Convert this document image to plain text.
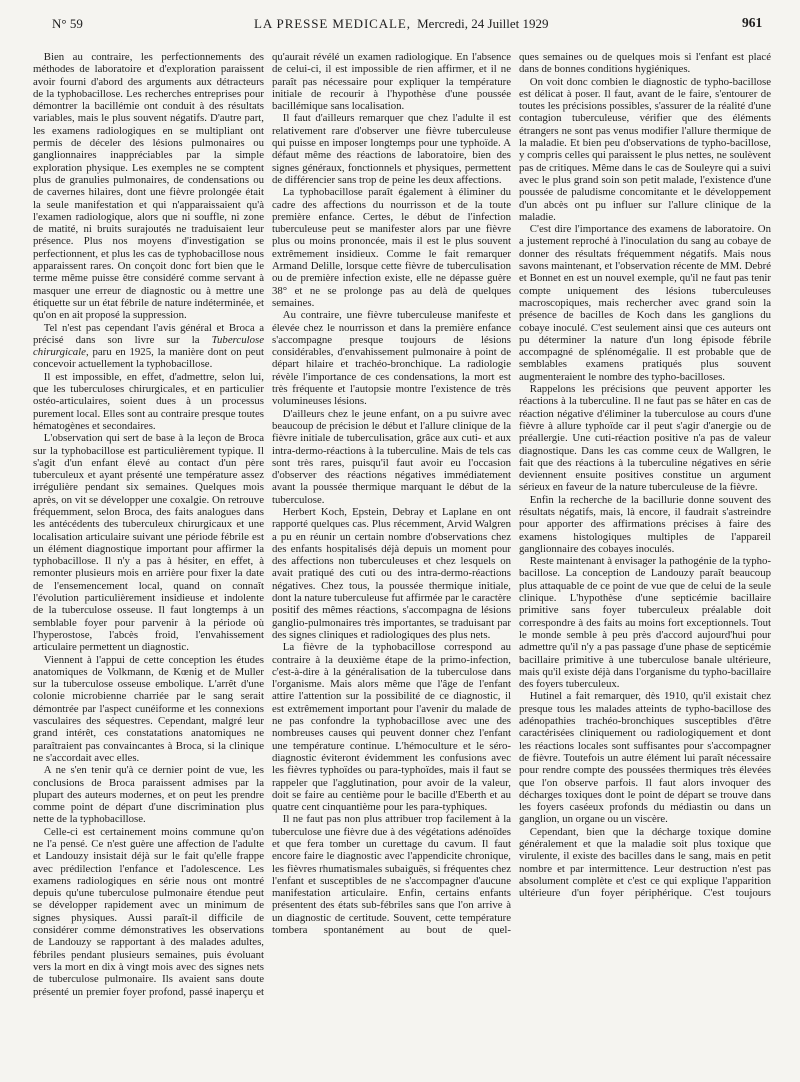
N° 59	LA PRESSE MEDICALE, Mercredi, 24 Juillet 1929	961

Bien au contraire, les perfectionnements des méthodes de laboratoire et d'exploration paraissent avoir fourni d'abord des arguments aux détracteurs de la typhobacillose. Les recherches entreprises pour démontrer la bacillémie ont conduit à des résultats variables, mais le plus souvent négatifs. D'autre part, les examens radiologiques en se multipliant ont permis de déceler des lésions pulmonaires ou ganglionnaires inappréciables par la simple exploration physique. Les exemples ne se comptent plus de granulies pulmonaires, de condensations ou de cavernes hilaires, dont une fièvre prolongée était la seule manifestation et qui n'apparaissaient qu'à l'examen radiologique, alors que ni souffle, ni zone de matité, ni bruits surajoutés ne traduisaient leur présence. Plus nos moyens d'investigation se perfectionnent, et plus les cas de typhobacillose nous apparaissent rares. On conçoit donc fort bien que le terme même puisse être considéré comme servant à masquer une erreur de diagnostic ou à mettre une étiquette sur un état fébrile de nature indéterminée, et qu'on en ait proposé la suppression.

Tel n'est pas cependant l'avis général et Broca a précisé dans son livre sur la Tuberculose chirurgicale, paru en 1925, la manière dont on peut concevoir actuellement la typhobacillose.

Il est impossible, en effet, d'admettre, selon lui, que les tuberculoses chirurgicales, et en particulier ostéo-articulaires, soient dues à un processus purement local. Elles sont au contraire presque toutes hématogènes et secondaires.

L'observation qui sert de base à la leçon de Broca sur la typhobacillose est particulièrement typique. Il s'agit d'un enfant élevé au contact d'un père tuberculeux et ayant présenté une température assez irrégulière pendant six semaines. Quelques mois après, on vit se développer une coxalgie. On retrouve fréquemment, selon Broca, des faits analogues dans les antécédents des tuberculeux chirurgicaux et une localisation articulaire suivant une période fébrile est un élément diagnostique important pour affirmer la typhobacillose. Il n'y a pas à hésiter, en effet, à remonter plusieurs mois en arrière pour fixer la date de l'ensemencement local, quand on connaît l'évolution particulièrement insidieuse et indolente de la tuberculose osseuse. Il faut longtemps à un semblable foyer pour parvenir à la période où l'hyperostose, l'abcès froid, l'envahissement articulaire permettent un diagnostic.

Viennent à l'appui de cette conception les études anatomiques de Volkmann, de Kœnig et de Muller sur la tuberculose osseuse embolique. L'arrêt d'une colonie microbienne charriée par le sang serait démontrée par l'aspect cunéiforme et les connexions vasculaires des séquestres. Cependant, malgré leur grand intérêt, ces constatations anatomiques ne paraîtraient pas convaincantes à Broca, si la clinique ne s'accordait avec elles.

A ne s'en tenir qu'à ce dernier point de vue, les conclusions de Broca paraissent admises par la plupart des auteurs modernes, et on peut les prendre comme point de départ d'une discrimination plus nette de la typhobacillose.

Celle-ci est certainement moins commune qu'on ne l'a pensé. Ce n'est guère une affection de l'adulte et Landouzy insistait déjà sur le fait qu'elle frappe avec prédilection l'enfance et l'adolescence. Les examens radiologiques en série nous ont montré depuis qu'une tuberculose pulmonaire étendue peut se développer rapidement avec un minimum de signes physiques. Aussi paraît-il difficile de considérer comme démonstratives les observations de Landouzy se rapportant à des malades adultes, fébriles pendant plusieurs semaines, puis évoluant vers la mort en dix à vingt mois avec des signes nets de tuberculose pulmonaire. Ils avaient sans doute présenté un premier foyer profond, passé inaperçu et

qu'aurait révélé un examen radiologique. En l'absence de celui-ci, il est impossible de rien affirmer, et il ne paraît pas nécessaire pour expliquer la température initiale de recourir à l'hypothèse d'une poussée bacillémique sans localisation.

Il faut d'ailleurs remarquer que chez l'adulte il est relativement rare d'observer une fièvre tuberculeuse qui puisse en imposer longtemps pour une typhoïde. A défaut même des réactions de laboratoire, bien des signes généraux, fonctionnels et physiques, permettent de différencier sans trop de peine les deux affections.

La typhobacillose paraît également à éliminer du cadre des affections du nourrisson et de la toute première enfance. Certes, le début de l'infection tuberculeuse peut se manifester alors par une fièvre plus ou moins prononcée, mais il est le plus souvent extrêmement insidieux. Comme le fait remarquer Armand Delille, lorsque cette fièvre de tuberculisation ou de première infection existe, elle ne dépasse guère 38° et ne se prolonge pas au delà de quelques semaines.

Au contraire, une fièvre tuberculeuse manifeste et élevée chez le nourrisson et dans la première enfance s'accompagne presque toujours de lésions considérables, d'envahissement pulmonaire à point de départ hilaire et trachéo-bronchique. La radiologie révèle l'importance de ces condensations, la mort est très fréquente et l'autopsie montre l'existence de très volumineuses lésions.

D'ailleurs chez le jeune enfant, on a pu suivre avec beaucoup de précision le début et l'allure clinique de la fièvre initiale de tuberculisation, grâce aux cuti- et aux intra-dermo-réactions à la tuberculine. Mais de tels cas sont très rares, puisqu'il faut avoir eu l'occasion d'observer des réactions négatives immédiatement avant la poussée thermique marquant le début de la tuberculose.

Herbert Koch, Epstein, Debray et Laplane en ont rapporté quelques cas. Plus récemment, Arvid Walgren a pu en réunir un certain nombre d'observations chez des enfants hospitalisés déjà depuis un moment pour des affections non tuberculeuses et chez lesquels on avait pratiqué des cuti ou des intra-dermo-réactions négatives. Chez tous, la poussée thermique initiale, dont la nature tuberculeuse fut affirmée par le caractère positif des mêmes réactions, s'accompagna de lésions ganglio-pulmonaires très importantes, se traduisant par des signes cliniques et radiologiques des plus nets.

La fièvre de la typhobacillose correspond au contraire à la deuxième étape de la primo-infection, c'est-à-dire à la généralisation de la tuberculose dans l'organisme. Mais alors même que l'âge de l'enfant attire l'attention sur la possibilité de ce diagnostic, il est extrêmement important pour l'avenir du malade de ne pas confondre la typhobacillose avec une des nombreuses causes qui peuvent donner chez l'enfant une température continue. L'hémoculture et le séro-diagnostic éviteront évidemment les confusions avec les fièvres typhoïdes ou para-typhoïdes, mais il faut se rappeler que l'agglutination, pour avoir de la valeur, doit se faire au centième pour le bacille d'Eberth et au quatre cent cinquantième pour les para-typhiques.

Il ne faut pas non plus attribuer trop facilement à la tuberculose une fièvre due à des végétations adénoïdes et que fera tomber un curettage du cavum. Il faut encore faire le diagnostic avec l'appendicite chronique, les fièvres rhumatismales subaiguës, si fréquentes chez l'enfant et susceptibles de ne s'accompagner d'aucune manifestation articulaire. Enfin, certains enfants présentent des états sub-fébriles sans que l'on arrive à un diagnostic de certitude. Souvent, cette température tombera spontanément au bout de quel-

ques semaines ou de quelques mois si l'enfant est placé dans de bonnes conditions hygiéniques.

On voit donc combien le diagnostic de typho-bacillose est délicat à poser. Il faut, avant de le faire, s'entourer de toutes les précisions possibles, s'assurer de la réalité d'une contagion tuberculeuse, vérifier que des éléments étrangers ne sont pas venus modifier l'allure thermique de la maladie. Et bien peu d'observations de typho-bacillose, y compris celles qui paraissent le plus nettes, ne soulèvent pas de critiques. Même dans le cas de Souleyre qui a suivi avec le plus grand soin son petit malade, l'existence d'une poussée de paludisme concomitante et le développement d'un abcès ont pu influer sur l'allure clinique de la maladie.

C'est dire l'importance des examens de laboratoire. On a justement reproché à l'inoculation du sang au cobaye de donner des résultats fréquemment négatifs. Mais nous savons maintenant, et l'observation récente de MM. Debré et Bonnet en est un nouvel exemple, qu'il ne faut pas tenir compte uniquement des lésions tuberculeuses macroscopiques, mais rechercher avec grand soin la présence de bacilles de Koch dans les ganglions du cobaye inoculé. C'est seulement ainsi que ces auteurs ont pu déterminer la nature d'un long épisode fébrile accompagné de splénomégalie. Il est probable que de semblables examens pratiqués plus souvent augmenteraient le nombre des typho-bacilloses.

Rappelons les précisions que peuvent apporter les réactions à la tuberculine. Il ne faut pas se hâter en cas de réaction négative d'éliminer la tuberculose au cours d'une fièvre à allure typhoïde car il peut s'agir d'anergie ou de préallergie. Une cuti-réaction positive n'a pas de valeur diagnostique. Dans les cas comme ceux de Wallgren, le fait que des réactions à la tuberculine négatives en série deviennent ensuite positives constitue un argument sérieux en faveur de la nature tuberculeuse de la fièvre.

Enfin la recherche de la bacillurie donne souvent des résultats négatifs, mais, là encore, il faudrait s'astreindre pour apporter des affirmations précises à faire des examens histologiques multiples de l'appareil ganglionnaire des cobayes inoculés.

Reste maintenant à envisager la pathogénie de la typho-bacillose. La conception de Landouzy paraît beaucoup plus attaquable de ce point de vue que de celui de la seule clinique. L'hypothèse d'une septicémie bacillaire primitive sans foyer tuberculeux préalable doit correspondre à des faits au moins fort exceptionnels. Tout le monde semble à peu près d'accord aujourd'hui pour admettre qu'il n'y a pas passage d'une phase de septicémie bacillaire primitive à une tuberculose banale ultérieure, mais qu'il existe déjà dans l'organisme du typho-bacillaire des foyers tuberculeux.

Hutinel a fait remarquer, dès 1910, qu'il existait chez presque tous les malades atteints de typho-bacillose des adénopathies trachéo-bronchiques susceptibles d'être caractérisées cliniquement ou radiologiquement et dont les réactions locales sont suffisantes pour s'accompagner de fièvre. Toutefois un autre élément lui paraît nécessaire pour rendre compte des poussées thermiques très élevées que l'on observe parfois. Il faut alors invoquer des décharges toxiques dont le point de départ se trouve dans les foyers caséeux profonds du médiastin ou dans un ganglion, un organe ou un viscère.

Cependant, bien que la décharge toxique domine généralement et que la maladie soit plus toxique que virulente, il existe des bacilles dans le sang, mais en petit nombre et par intermittence. Leur destruction n'est pas absolument complète et c'est ce qui explique l'apparition ultérieure d'un foyer périphérique. C'est toujours
